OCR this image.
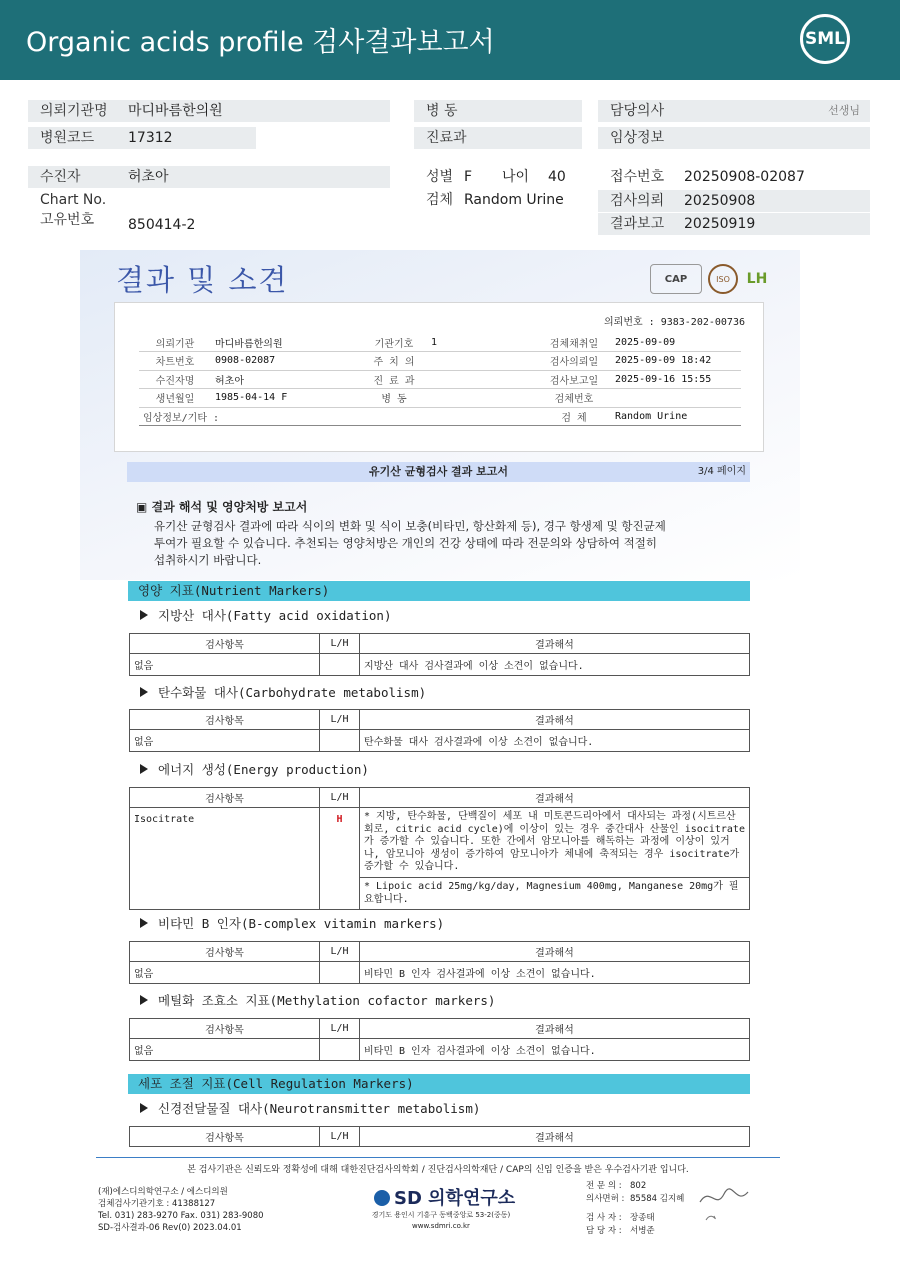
Organic acids profile 검사결과보고서	SML
의뢰기관명 마디바름한의원
병원코드 17312
수진자	허초아
Chart No.
고유번호 850414-2
병 동
진료과
성별 F 나이 40
검체 Random Urine
담당의사	선생님
임상정보
접수번호 20250908-02087
검사의뢰 20250908
결과보고 20250919
결과 및 소견	CAP	ISO	LH
의뢰번호 : 9383-202-00736
의뢰기관	마디바름한의원	기관기호	1	검체채취일	2025-09-09
차트번호	0908-02087	주 치 의		검사의뢰일	2025-09-09 18:42
수진자명	허초아	진 료 과		검사보고일	2025-09-16 15:55
생년월일	1985-04-14 F	병 동		검체번호	
임상정보/기타 :				검 체	Random Urine
유기산 균형검사 결과 보고서	3/4 페이지
▣ 결과 해석 및 영양처방 보고서
유기산 균형검사 결과에 따라 식이의 변화 및 식이 보충(비타민, 항산화제 등), 경구 항생제 및 항진균제
투여가 필요할 수 있습니다. 추천되는 영양처방은 개인의 건강 상태에 따라 전문의와 상담하여 적절히
섭취하시기 바랍니다.
영양 지표(Nutrient Markers)
지방산 대사(Fatty acid oxidation)
검사항목	L/H	결과해석
없음		지방산 대사 검사결과에 이상 소견이 없습니다.
탄수화물 대사(Carbohydrate metabolism)
검사항목	L/H	결과해석
없음		탄수화물 대사 검사결과에 이상 소견이 없습니다.
에너지 생성(Energy production)
검사항목	L/H	결과해석
Isocitrate	H	* 지방, 탄수화물, 단백질이 세포 내 미토콘드리아에서 대사되는 과정(시트르산 회로, citric acid cycle)에 이상이 있는 경우 중간대사 산물인 isocitrate가 증가할 수 있습니다. 또한 간에서 암모니아를 해독하는 과정에 이상이 있거나, 암모니아 생성이 증가하여 암모니아가 체내에 축적되는 경우 isocitrate가 증가할 수 있습니다.
		* Lipoic acid 25mg/kg/day, Magnesium 400mg, Manganese 20mg가 필요합니다.
비타민 B 인자(B-complex vitamin markers)
검사항목	L/H	결과해석
없음		비타민 B 인자 검사결과에 이상 소견이 없습니다.
메틸화 조효소 지표(Methylation cofactor markers)
검사항목	L/H	결과해석
없음		비타민 B 인자 검사결과에 이상 소견이 없습니다.
세포 조절 지표(Cell Regulation Markers)
신경전달물질 대사(Neurotransmitter metabolism)
검사항목	L/H	결과해석
본 검사기관은 신뢰도와 정확성에 대해 대한진단검사의학회 / 진단검사의학재단 / CAP의 신임 인증을 받은 우수검사기관 입니다.
(재)에스디의학연구소 / 에스디의원
검체검사기관기호 : 41388127
Tel. 031) 283-9270 Fax. 031) 283-9080
SD-검사결과-06 Rev(0) 2023.04.01
SD 의학연구소
경기도 용인시 기흥구 동백중앙로 53-2(중동)
www.sdmri.co.kr
전 문 의 : 802
의사면허 : 85584 김지혜
검 사 자 : 장종태
담 당 자 : 서병준
